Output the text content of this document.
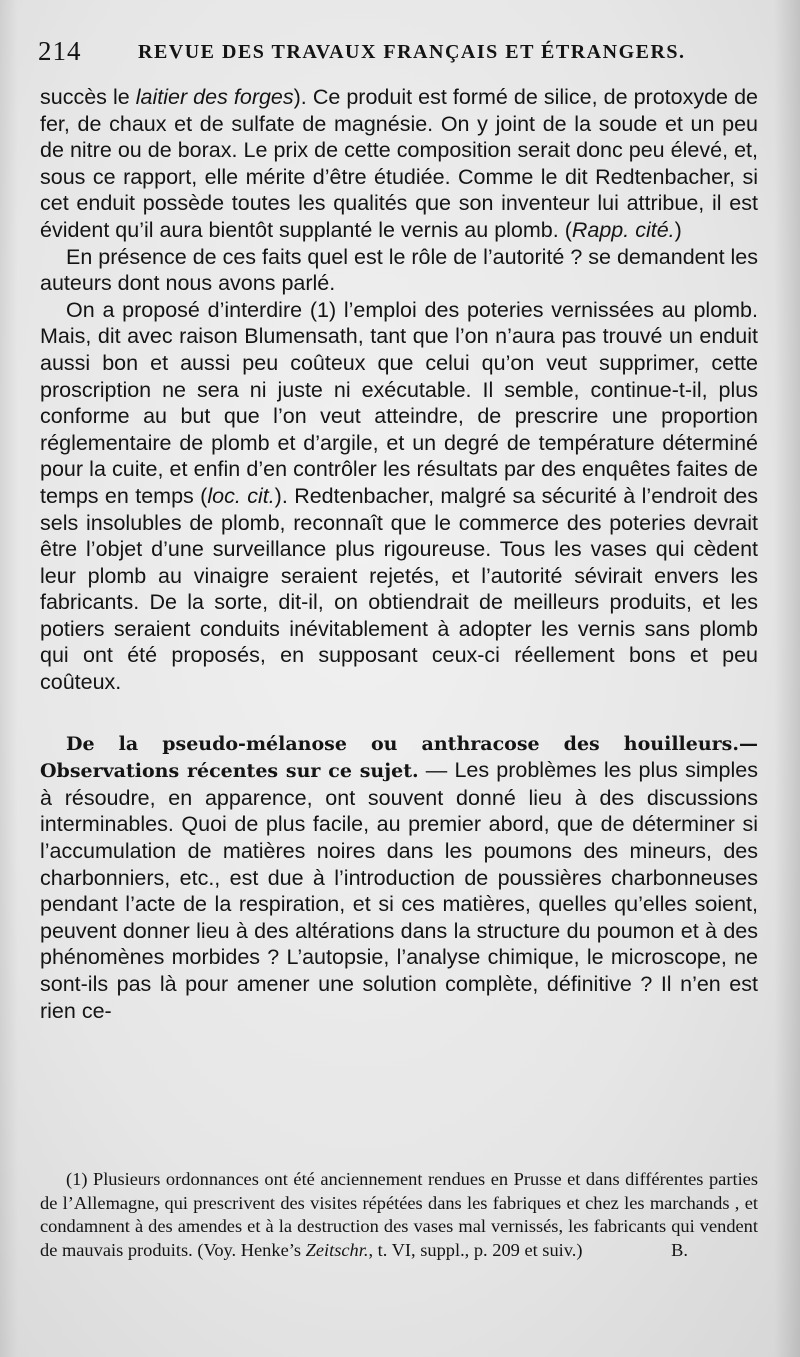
214	REVUE DES TRAVAUX FRANÇAIS ET ÉTRANGERS.

succès le laitier des forges). Ce produit est formé de silice, de protoxyde de fer, de chaux et de sulfate de magnésie. On y joint de la soude et un peu de nitre ou de borax. Le prix de cette composition serait donc peu élevé, et, sous ce rapport, elle mérite d’être étudiée. Comme le dit Redtenbacher, si cet enduit possède toutes les qualités que son inventeur lui attribue, il est évident qu’il aura bientôt supplanté le vernis au plomb. (Rapp. cité.)

En présence de ces faits quel est le rôle de l’autorité ? se demandent les auteurs dont nous avons parlé.

On a proposé d’interdire (1) l’emploi des poteries vernissées au plomb. Mais, dit avec raison Blumensath, tant que l’on n’aura pas trouvé un enduit aussi bon et aussi peu coûteux que celui qu’on veut supprimer, cette proscription ne sera ni juste ni exécutable. Il semble, continue-t-il, plus conforme au but que l’on veut atteindre, de prescrire une proportion réglementaire de plomb et d’argile, et un degré de température déterminé pour la cuite, et enfin d’en contrôler les résultats par des enquêtes faites de temps en temps (loc. cit.). Redtenbacher, malgré sa sécurité à l’endroit des sels insolubles de plomb, reconnaît que le commerce des poteries devrait être l’objet d’une surveillance plus rigoureuse. Tous les vases qui cèdent leur plomb au vinaigre seraient rejetés, et l’autorité sévirait envers les fabricants. De la sorte, dit-il, on obtiendrait de meilleurs produits, et les potiers seraient conduits inévitablement à adopter les vernis sans plomb qui ont été proposés, en supposant ceux-ci réellement bons et peu coûteux.

De la pseudo-mélanose ou anthracose des houilleurs.— Observations récentes sur ce sujet. — Les problèmes les plus simples à résoudre, en apparence, ont souvent donné lieu à des discussions interminables. Quoi de plus facile, au premier abord, que de déterminer si l’accumulation de matières noires dans les poumons des mineurs, des charbonniers, etc., est due à l’introduction de poussières charbonneuses pendant l’acte de la respiration, et si ces matières, quelles qu’elles soient, peuvent donner lieu à des altérations dans la structure du poumon et à des phénomènes morbides ? L’autopsie, l’analyse chimique, le microscope, ne sont-ils pas là pour amener une solution complète, définitive ? Il n’en est rien ce-

(1) Plusieurs ordonnances ont été anciennement rendues en Prusse et dans différentes parties de l’Allemagne, qui prescrivent des visites répétées dans les fabriques et chez les marchands , et condamnent à des amendes et à la destruction des vases mal vernissés, les fabricants qui vendent de mauvais produits. (Voy. Henke’s Zeitschr., t. VI, suppl., p. 209 et suiv.)	B.
